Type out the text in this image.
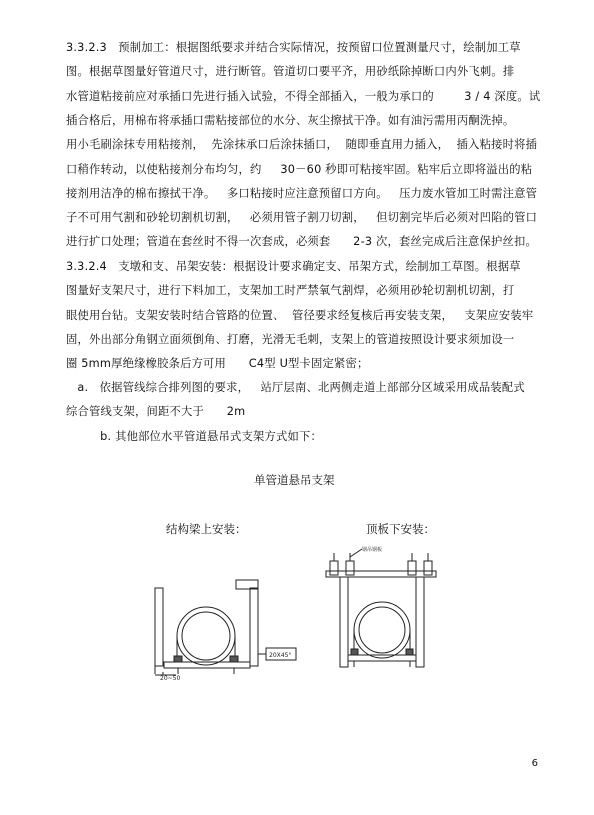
3.3.2.3   预制加工：根据图纸要求并结合实际情况，按预留口位置测量尺寸，绘制加工草
图。根据草图量好管道尺寸，进行断管。管道切口要平齐，用砂纸除掉断口内外飞刺。排
水管道粘接前应对承插口先进行插入试验，不得全部插入，一般为承口的        3 / 4 深度。试
插合格后，用棉布将承插口需粘接部位的水分、灰尘擦拭干净。如有油污需用丙酮洗掉。
用小毛刷涂抹专用粘接剂，  先涂抹承口后涂抹插口，  随即垂直用力插入，  插入粘接时将插
口稍作转动，以使粘接剂分布均匀，约     30－60 秒即可粘接牢固。粘牢后立即将溢出的粘
接剂用洁净的棉布擦拭干净。   多口粘接时应注意预留口方向。   压力废水管加工时需注意管
子不可用气割和砂轮切割机切割，   必须用管子割刀切割，   但切割完毕后必须对凹陷的管口
进行扩口处理；管道在套丝时不得一次套成，必须套      2-3 次，套丝完成后注意保护丝扣。
3.3.2.4   支墩和支、吊架安装：根据设计要求确定支、吊架方式，绘制加工草图。根据草
图量好支架尺寸，进行下料加工，支架加工时严禁氧气割焊，必须用砂轮切割机切割，打
眼使用台钻。支架安装时结合管路的位置、  管径要求经复核后再安装支架，   支架应安装牢
固，外出部分角钢立面须倒角、打磨，光滑无毛刺，支架上的管道按照设计要求须加设一
圈 5mm厚绝缘橡胶条后方可用      C4型 U型卡固定紧密；
a.   依据管线综合排列图的要求，   站厅层南、北两侧走道上部部分区域采用成品装配式
综合管线支架，间距不大于      2m
b. 其他部位水平管道悬吊式支架方式如下：
单管道悬吊支架
结构梁上安装：	顶板下安装：
20X45°
20~50
钢吊钢板
6
